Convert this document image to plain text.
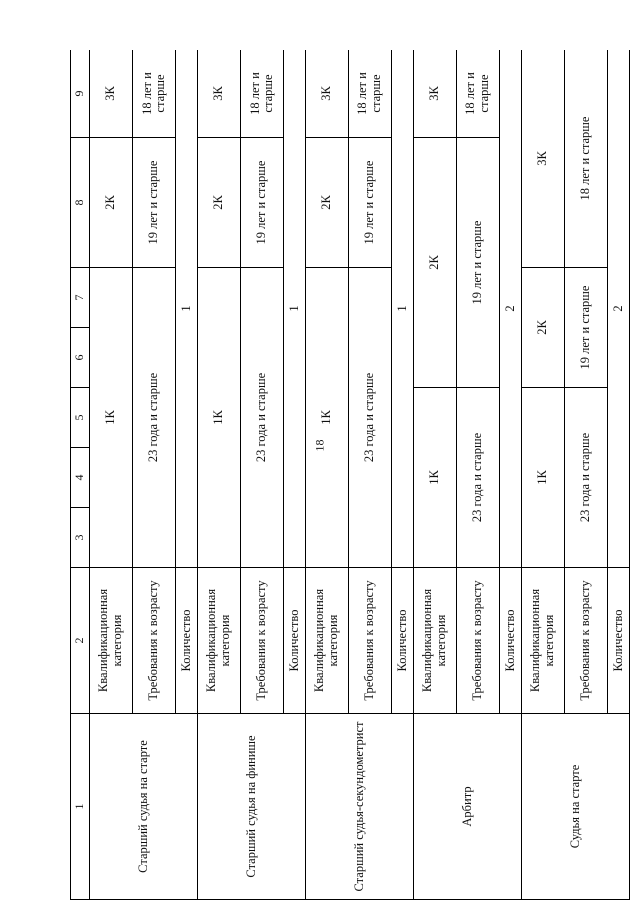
18
1	2	3	4	5	6	7	8	9
Старший судья на старте	Квалификационная категория	1К					2К	3К
	Требования к возрасту	23 года и старше					19 лет и старше	18 лет и старше
	Количество	1						
Старший судья на финише	Квалификационная категория	1К					2К	3К
	Требования к возрасту	23 года и старше					19 лет и старше	18 лет и старше
	Количество	1						
Старший судья-секундометрист	Квалификационная категория	1К					2К	3К
	Требования к возрасту	23 года и старше					19 лет и старше	18 лет и старше
	Количество	1						
Арбитр	Квалификационная категория	1К			2К			3К
	Требования к возрасту	23 года и старше			19 лет и старше			18 лет и старше
	Количество	2						
Судья на старте	Квалификационная категория	1К			2К		3К	
	Требования к возрасту	23 года и старше			19 лет и старше		18 лет и старше	
	Количество	2						
